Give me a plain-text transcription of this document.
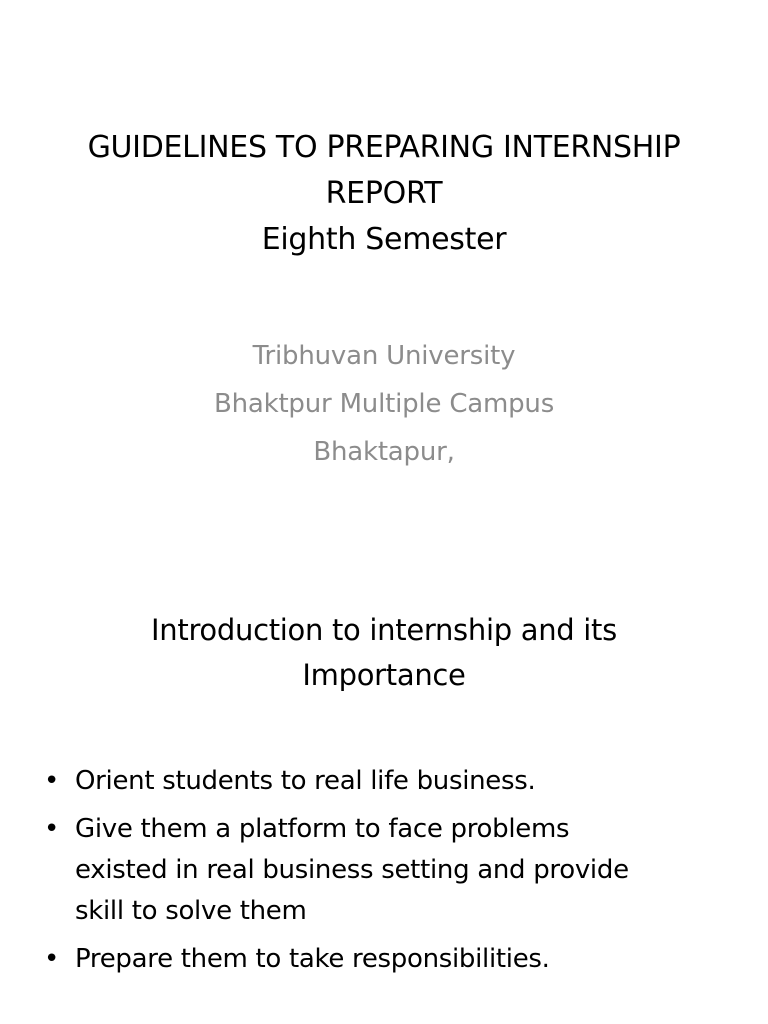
GUIDELINES TO PREPARING INTERNSHIP
REPORT
Eighth Semester
Tribhuvan University
Bhaktpur Multiple Campus
Bhaktapur,
Introduction to internship and its
Importance
• Orient students to real life business.
• Give them a platform to face problems
existed in real business setting and provide
skill to solve them
• Prepare them to take responsibilities.
